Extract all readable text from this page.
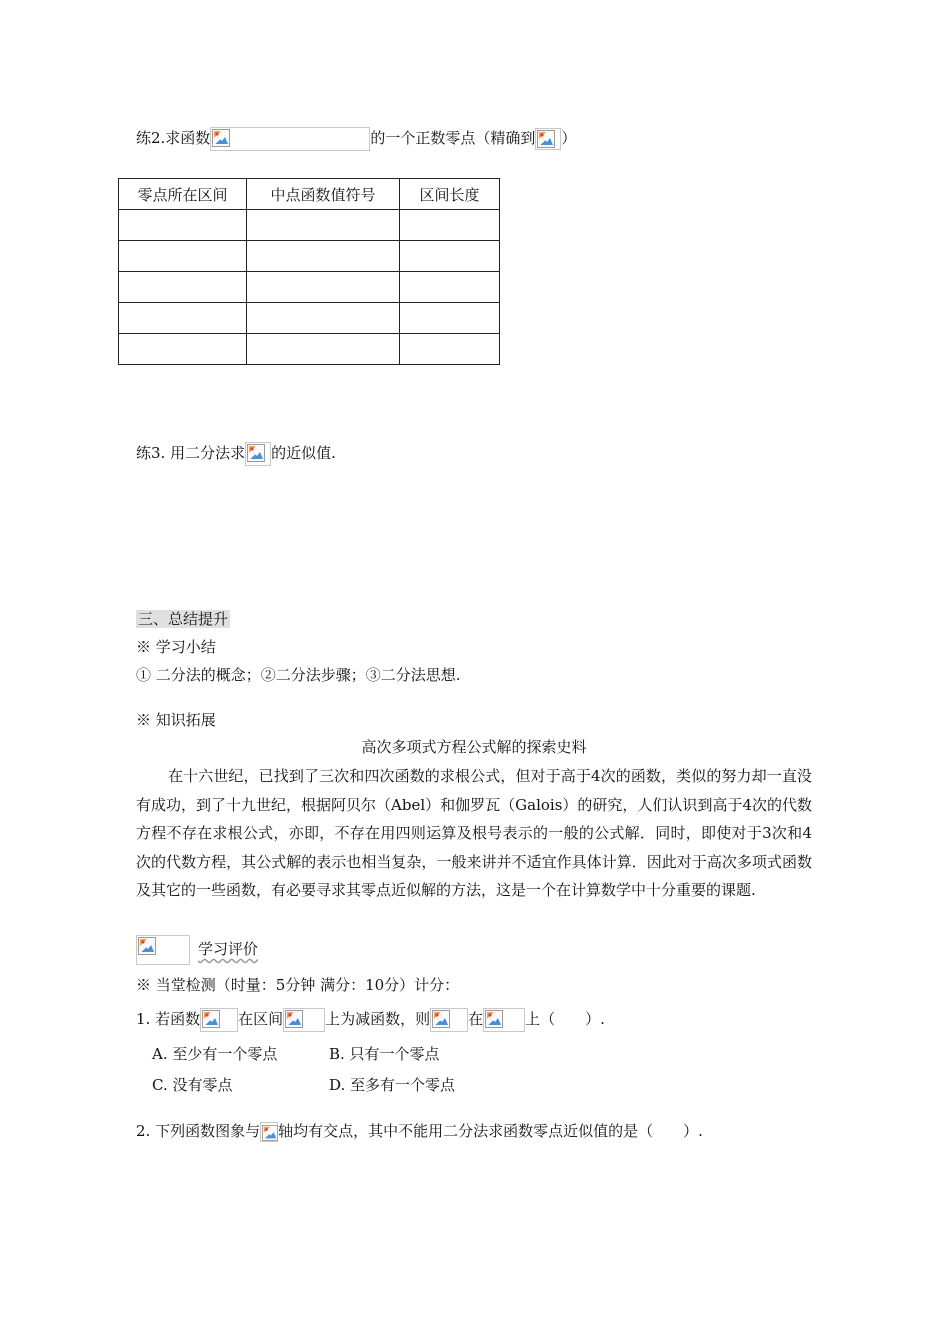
练2.求函数	的一个正数零点（精确到 ）
零点所在区间	中点函数值符号	区间长度

练3. 用二分法求 的近似值.
三、总结提升
※ 学习小结
① 二分法的概念；②二分法步骤；③二分法思想.
※ 知识拓展
高次多项式方程公式解的探索史料
在十六世纪，已找到了三次和四次函数的求根公式，但对于高于4次的函数，类似的努力却一直没有成功，到了十九世纪，根据阿贝尔（Abel）和伽罗瓦（Galois）的研究，人们认识到高于4次的代数方程不存在求根公式，亦即，不存在用四则运算及根号表示的一般的公式解．同时，即使对于3次和4次的代数方程，其公式解的表示也相当复杂，一般来讲并不适宜作具体计算．因此对于高次多项式函数及其它的一些函数，有必要寻求其零点近似解的方法，这是一个在计算数学中十分重要的课题.
学习评价
※ 当堂检测（时量：5分钟 满分：10分）计分：
1. 若函数	在区间	上为减函数，则	在	上（　　）.
A. 至少有一个零点	B. 只有一个零点
C. 没有零点	D. 至多有一个零点
2. 下列函数图象与 轴均有交点，其中不能用二分法求函数零点近似值的是（　　）.
